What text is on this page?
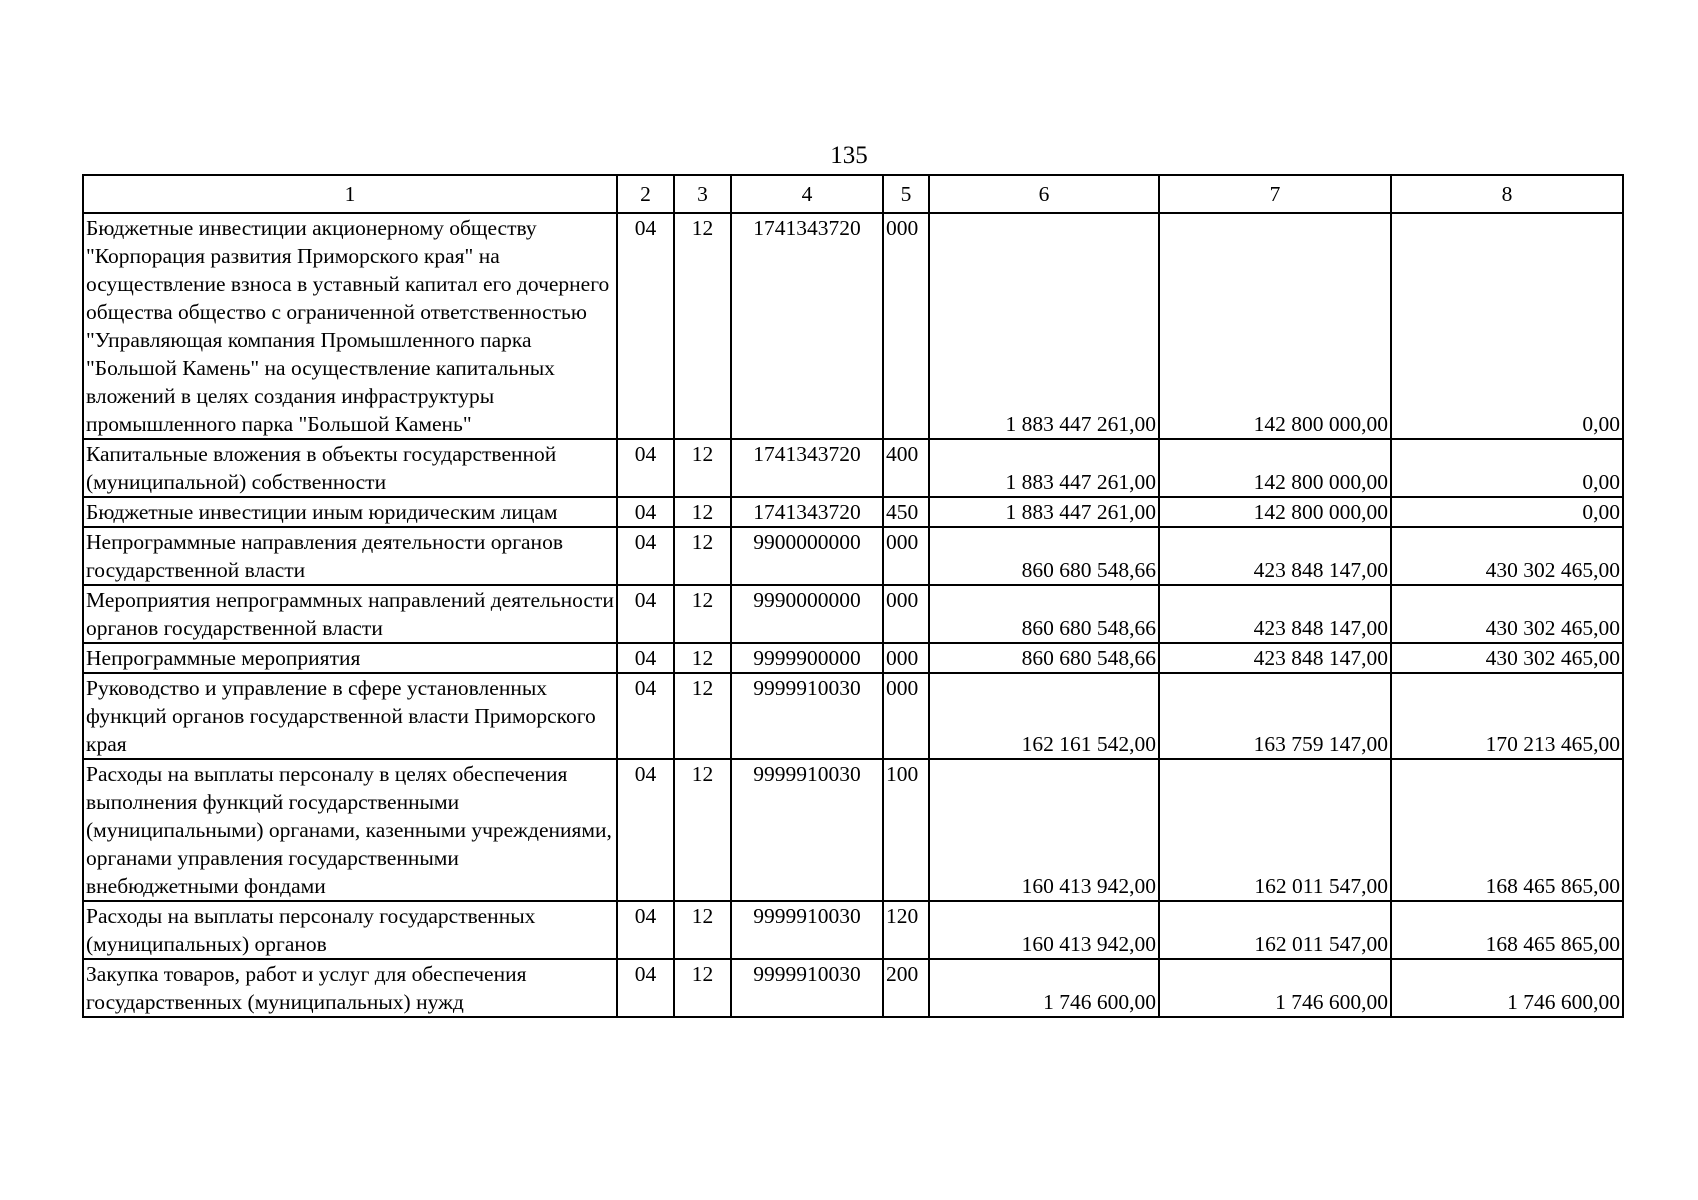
135
1	2	3	4	5	6	7	8
Бюджетные инвестиции акционерному обществу "Корпорация развития Приморского края" на осуществление взноса в уставный капитал его дочернего общества общество с ограниченной ответственностью "Управляющая компания Промышленного парка "Большой Камень" на осуществление капитальных вложений в целях создания инфраструктуры промышленного парка "Большой Камень"	04	12	1741343720	000	1 883 447 261,00	142 800 000,00	0,00
Капитальные вложения в объекты государственной (муниципальной) собственности	04	12	1741343720	400	1 883 447 261,00	142 800 000,00	0,00
Бюджетные инвестиции иным юридическим лицам	04	12	1741343720	450	1 883 447 261,00	142 800 000,00	0,00
Непрограммные направления деятельности органов государственной власти	04	12	9900000000	000	860 680 548,66	423 848 147,00	430 302 465,00
Мероприятия непрограммных направлений деятельности органов государственной власти	04	12	9990000000	000	860 680 548,66	423 848 147,00	430 302 465,00
Непрограммные мероприятия	04	12	9999900000	000	860 680 548,66	423 848 147,00	430 302 465,00
Руководство и управление в сфере установленных функций органов государственной власти Приморского края	04	12	9999910030	000	162 161 542,00	163 759 147,00	170 213 465,00
Расходы на выплаты персоналу в целях обеспечения выполнения функций государственными (муниципальными) органами, казенными учреждениями, органами управления государственными внебюджетными фондами	04	12	9999910030	100	160 413 942,00	162 011 547,00	168 465 865,00
Расходы на выплаты персоналу государственных (муниципальных) органов	04	12	9999910030	120	160 413 942,00	162 011 547,00	168 465 865,00
Закупка товаров, работ и услуг для обеспечения государственных (муниципальных) нужд	04	12	9999910030	200	1 746 600,00	1 746 600,00	1 746 600,00
